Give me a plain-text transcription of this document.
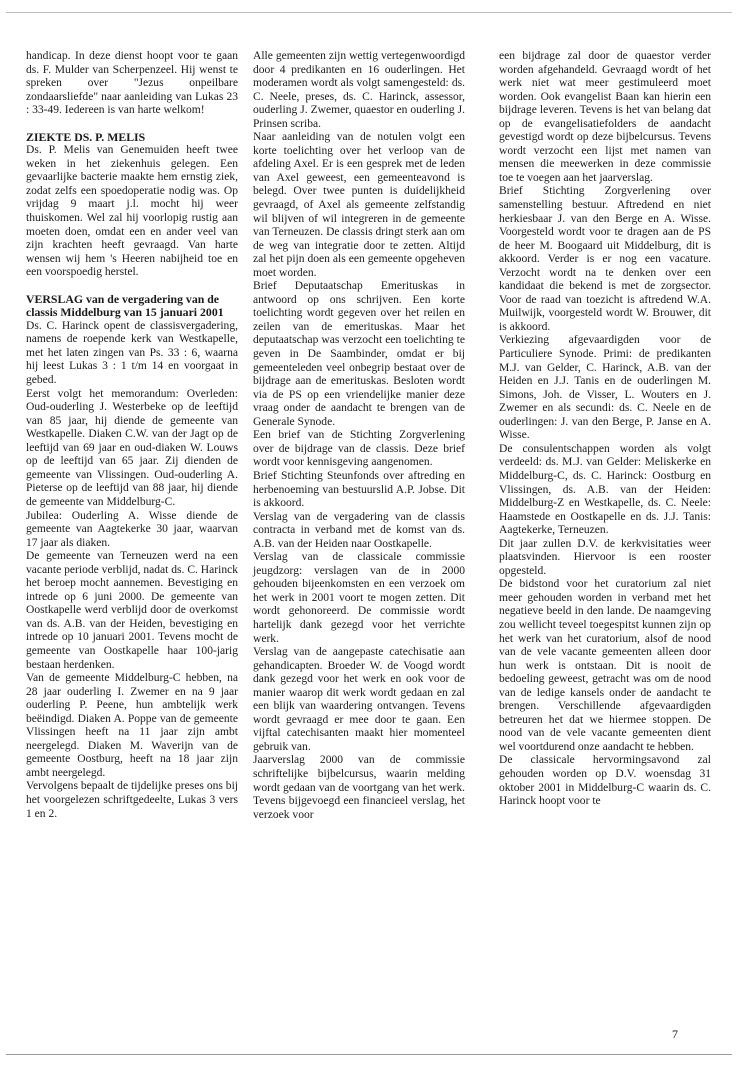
handicap. In deze dienst hoopt voor te gaan ds. F. Mulder van Scherpenzeel. Hij wenst te spreken over "Jezus onpeilbare zondaarsliefde" naar aanleiding van Lukas 23 : 33-49. Iedereen is van harte welkom!

ZIEKTE DS. P. MELIS

Ds. P. Melis van Genemuiden heeft twee weken in het ziekenhuis gelegen. Een gevaarlijke bacterie maakte hem ernstig ziek, zodat zelfs een spoedoperatie nodig was. Op vrijdag 9 maart j.l. mocht hij weer thuiskomen. Wel zal hij voorlopig rustig aan moeten doen, omdat een en ander veel van zijn krachten heeft gevraagd. Van harte wensen wij hem 's Heeren nabijheid toe en een voorspoedig herstel.

VERSLAG van de vergadering van de classis Middelburg van 15 januari 2001

Ds. C. Harinck opent de classisvergadering, namens de roepende kerk van Westkapelle, met het laten zingen van Ps. 33 : 6, waarna hij leest Lukas 3 : 1 t/m 14 en voorgaat in gebed.

Eerst volgt het memorandum: Overleden: Oud-ouderling J. Westerbeke op de leeftijd van 85 jaar, hij diende de gemeente van Westkapelle. Diaken C.W. van der Jagt op de leeftijd van 69 jaar en oud-diaken W. Louws op de leeftijd van 65 jaar. Zij dienden de gemeente van Vlissingen. Oud-ouderling A. Pieterse op de leeftijd van 88 jaar, hij diende de gemeente van Middelburg-C.

Jubilea: Ouderling A. Wisse diende de gemeente van Aagtekerke 30 jaar, waarvan 17 jaar als diaken.

De gemeente van Terneuzen werd na een vacante periode verblijd, nadat ds. C. Harinck het beroep mocht aannemen. Bevestiging en intrede op 6 juni 2000. De gemeente van Oostkapelle werd verblijd door de overkomst van ds. A.B. van der Heiden, bevestiging en intrede op 10 januari 2001. Tevens mocht de gemeente van Oostkapelle haar 100-jarig bestaan herdenken.

Van de gemeente Middelburg-C hebben, na 28 jaar ouderling I. Zwemer en na 9 jaar ouderling P. Peene, hun ambtelijk werk beëindigd. Diaken A. Poppe van de gemeente Vlissingen heeft na 11 jaar zijn ambt neergelegd. Diaken M. Waverijn van de gemeente Oostburg, heeft na 18 jaar zijn ambt neergelegd.

Vervolgens bepaalt de tijdelijke preses ons bij het voorgelezen schriftgedeelte, Lukas 3 vers 1 en 2.

Alle gemeenten zijn wettig vertegenwoordigd door 4 predikanten en 16 ouderlingen. Het moderamen wordt als volgt samengesteld: ds. C. Neele, preses, ds. C. Harinck, assessor, ouderling J. Zwemer, quaestor en ouderling J. Prinsen scriba.

Naar aanleiding van de notulen volgt een korte toelichting over het verloop van de afdeling Axel. Er is een gesprek met de leden van Axel geweest, een gemeenteavond is belegd. Over twee punten is duidelijkheid gevraagd, of Axel als gemeente zelfstandig wil blijven of wil integreren in de gemeente van Terneuzen. De classis dringt sterk aan om de weg van integratie door te zetten. Altijd zal het pijn doen als een gemeente opgeheven moet worden.

Brief Deputaatschap Emerituskas in antwoord op ons schrijven. Een korte toelichting wordt gegeven over het reilen en zeilen van de emerituskas. Maar het deputaatschap was verzocht een toelichting te geven in De Saambinder, omdat er bij gemeenteleden veel onbegrip bestaat over de bijdrage aan de emerituskas. Besloten wordt via de PS op een vriendelijke manier deze vraag onder de aandacht te brengen van de Generale Synode.

Een brief van de Stichting Zorgverlening over de bijdrage van de classis. Deze brief wordt voor kennisgeving aangenomen.

Brief Stichting Steunfonds over aftreding en herbenoeming van bestuurslid A.P. Jobse. Dit is akkoord.

Verslag van de vergadering van de classis contracta in verband met de komst van ds. A.B. van der Heiden naar Oostkapelle.

Verslag van de classicale commissie jeugdzorg: verslagen van de in 2000 gehouden bijeenkomsten en een verzoek om het werk in 2001 voort te mogen zetten. Dit wordt gehonoreerd. De commissie wordt hartelijk dank gezegd voor het verrichte werk.

Verslag van de aangepaste catechisatie aan gehandicapten. Broeder W. de Voogd wordt dank gezegd voor het werk en ook voor de manier waarop dit werk wordt gedaan en zal een blijk van waardering ontvangen. Tevens wordt gevraagd er mee door te gaan. Een vijftal catechisanten maakt hier momenteel gebruik van.

Jaarverslag 2000 van de commissie schriftelijke bijbelcursus, waarin melding wordt gedaan van de voortgang van het werk. Tevens bijgevoegd een financieel verslag, het verzoek voor

een bijdrage zal door de quaestor verder worden afgehandeld. Gevraagd wordt of het werk niet wat meer gestimuleerd moet worden. Ook evangelist Baan kan hierin een bijdrage leveren. Tevens is het van belang dat op de evangelisatiefolders de aandacht gevestigd wordt op deze bijbelcursus. Tevens wordt verzocht een lijst met namen van mensen die meewerken in deze commissie toe te voegen aan het jaarverslag.

Brief Stichting Zorgverlening over samenstelling bestuur. Aftredend en niet herkiesbaar J. van den Berge en A. Wisse. Voorgesteld wordt voor te dragen aan de PS de heer M. Boogaard uit Middelburg, dit is akkoord. Verder is er nog een vacature. Verzocht wordt na te denken over een kandidaat die bekend is met de zorgsector. Voor de raad van toezicht is aftredend W.A. Muilwijk, voorgesteld wordt W. Brouwer, dit is akkoord.

Verkiezing afgevaardigden voor de Particuliere Synode. Primi: de predikanten M.J. van Gelder, C. Harinck, A.B. van der Heiden en J.J. Tanis en de ouderlingen M. Simons, Joh. de Visser, L. Wouters en J. Zwemer en als secundi: ds. C. Neele en de ouderlingen: J. van den Berge, P. Janse en A. Wisse.

De consulentschappen worden als volgt verdeeld: ds. M.J. van Gelder: Meliskerke en Middelburg-C, ds. C. Harinck: Oostburg en Vlissingen, ds. A.B. van der Heiden: Middelburg-Z en Westkapelle, ds. C. Neele: Haamstede en Oostkapelle en ds. J.J. Tanis: Aagtekerke, Terneuzen.

Dit jaar zullen D.V. de kerkvisitaties weer plaatsvinden. Hiervoor is een rooster opgesteld.

De bidstond voor het curatorium zal niet meer gehouden worden in verband met het negatieve beeld in den lande. De naamgeving zou wellicht teveel toegespitst kunnen zijn op het werk van het curatorium, alsof de nood van de vele vacante gemeenten alleen door hun werk is ontstaan. Dit is nooit de bedoeling geweest, getracht was om de nood van de ledige kansels onder de aandacht te brengen. Verschillende afgevaardigden betreuren het dat we hiermee stoppen. De nood van de vele vacante gemeenten dient wel voortdurend onze aandacht te hebben.

De classicale hervormingsavond zal gehouden worden op D.V. woensdag 31 oktober 2001 in Middelburg-C waarin ds. C. Harinck hoopt voor te

7
